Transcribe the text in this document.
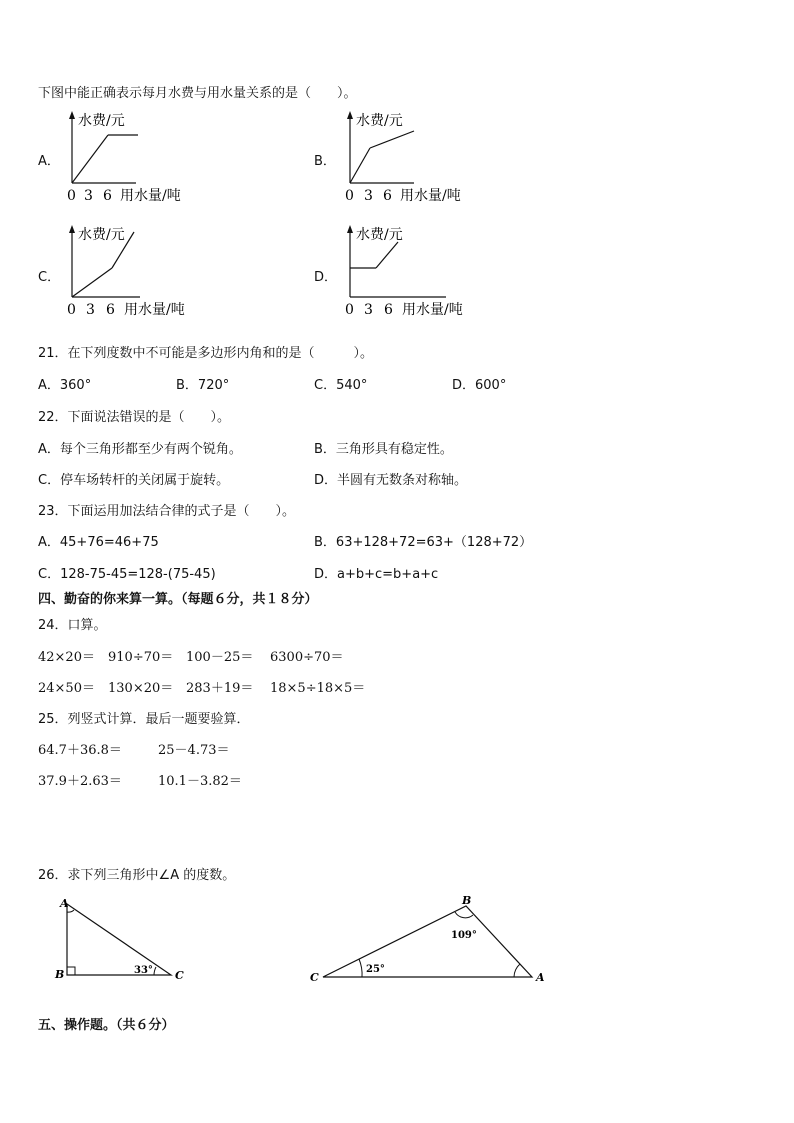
下图中能正确表示每月水费与用水量关系的是（　　）。
A．
水费/元
0 3 6 用水量/吨
B．
水费/元
0 3 6 用水量/吨
C．
水费/元
0 3 6 用水量/吨
D．
水费/元
0 3 6 用水量/吨
21．在下列度数中不可能是多边形内角和的是（　　　）。
A．360°	B．720°	C．540°	D．600°
22．下面说法错误的是（　　）。
A．每个三角形都至少有两个锐角。	B．三角形具有稳定性。
C．停车场转杆的关闭属于旋转。	D．半圆有无数条对称轴。
23．下面运用加法结合律的式子是（　　）。
A．45+76=46+75	B．63+128+72=63+（128+72）
C．128-75-45=128-(75-45)	D．a+b+c=b+a+c
四、勤奋的你来算一算。（每题６分，共１８分）
24．口算。
42×20＝ 910÷70＝ 100－25＝ 6300÷70＝
24×50＝ 130×20＝ 283＋19＝ 18×5÷18×5＝
25．列竖式计算．最后一题要验算．
64.7＋36.8＝	25－4.73＝
37.9＋2.63＝	10.1－3.82＝
26．求下列三角形中∠A 的度数。
A
B	C
33°
B
C	A
109°
25°
五、操作题。（共６分）
